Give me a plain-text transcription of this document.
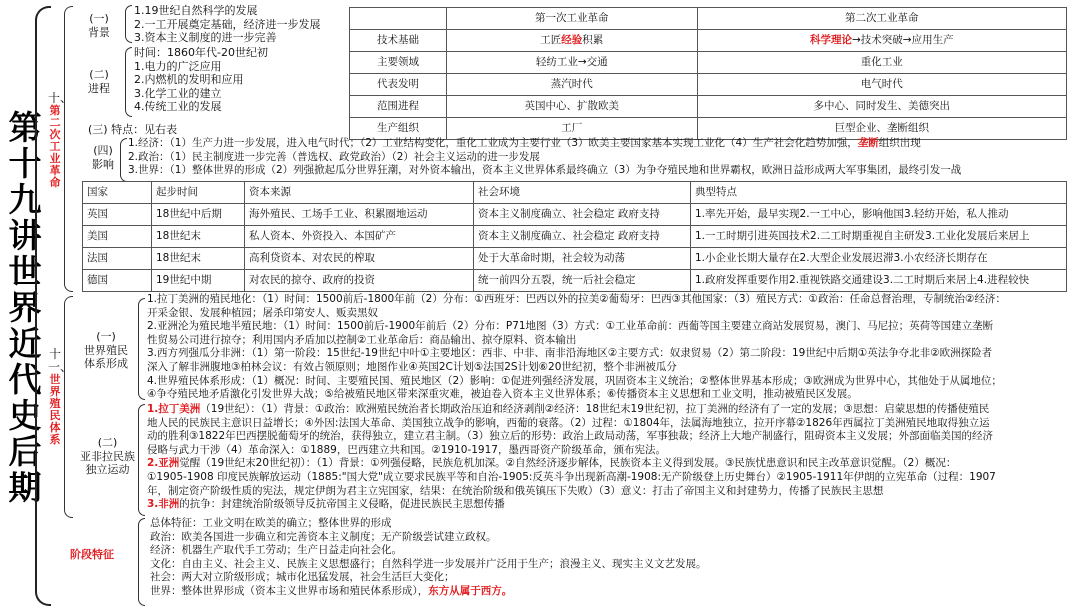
第十九讲 世界近代史后期
十、
第二次工业革命
十一、
世界殖民体系
(一)
背景
1.19世纪自然科学的发展
2.一工开展奠定基础，经济进一步发展
3.资本主义制度的进一步完善
(二)
进程
时间：1860年代-20世纪初
1.电力的广泛应用
2.内燃机的发明和应用
3.化学工业的建立
4.传统工业的发展
(三) 特点：见右表
	第一次工业革命	第二次工业革命
技术基础	工匠经验积累	科学理论→技术突破→应用生产
主要领域	轻纺工业→交通	重化工业
代表发明	蒸汽时代	电气时代
范围进程	英国中心、扩散欧美	多中心、同时发生、美德突出
生产组织	工厂	巨型企业、垄断组织
(四)
影响
1.经济：（1）生产力进一步发展，进入电气时代；（2）工业结构变化，重化工业成为主要行业（3）欧美主要国家基本实现工业化（4）生产社会化趋势加强，垄断组织出现
2.政治：（1）民主制度进一步完善（普选权、政党政治）（2）社会主义运动的进一步发展
3.世界：（1）整体世界的形成（2）列强掀起瓜分世界狂潮，对外资本输出，资本主义世界体系最终确立（3）为争夺殖民地和世界霸权，欧洲日益形成两大军事集团，最终引发一战
国家	起步时间	资本来源	社会环境	典型特点
英国	18世纪中后期	海外殖民、工场手工业、积累圈地运动	资本主义制度确立、社会稳定 政府支持	1.率先开始，最早实现2.一工中心，影响他国3.轻纺开始，私人推动
美国	18世纪末	私人资本、外资投入、本国矿产	资本主义制度确立、社会稳定 政府支持	1.一工时期引进英国技术2.二工时期重视自主研发3.工业化发展后来居上
法国	18世纪末	高利贷资本、对农民的榨取	处于大革命时期，社会较为动荡	1.小企业长期大量存在2.大型企业发展迟滞3.小农经济长期存在
德国	19世纪中期	对农民的掠夺、政府的投资	统一前四分五裂，统一后社会稳定	1.政府发挥重要作用2.重视铁路交通建设3.二工时期后来居上4.进程较快
(一)
世界殖民
体系形成
1.拉丁美洲的殖民地化：（1）时间：1500前后-1800年前（2）分布：①西班牙：巴西以外的拉美②葡萄牙：巴西③其他国家：（3）殖民方式：①政治：任命总督治理，专制统治②经济：
开采金银、发展种植园；屠杀印第安人、贩卖黑奴
2.亚洲沦为殖民地半殖民地：（1）时间：1500前后-1900年前后（2）分布：P71地图（3）方式：①工业革命前：西葡等国主要建立商站发展贸易，澳门、马尼拉；英荷等国建立垄断
性贸易公司进行掠夺；利用国内矛盾加以控制②工业革命后：商品输出、掠夺原料、资本输出
3.西方列强瓜分非洲：（1）第一阶段：15世纪-19世纪中叶①主要地区：西非、中非、南非沿海地区②主要方式：奴隶贸易（2）第二阶段：19世纪中后期①英法争夺北非②欧洲探险者
深入了解非洲腹地③柏林会议：有效占领原则；地图作业④英国2C计划⑤法国2S计划⑥20世纪初，整个非洲被瓜分
4.世界殖民体系形成：（1）概况：时间、主要殖民国、殖民地区（2）影响：①促进列强经济发展，巩固资本主义统治；②整体世界基本形成；③欧洲成为世界中心，其他处于从属地位；
④争夺殖民地矛盾激化引发世界大战；⑤给被殖民地区带来深重灾难，被迫卷入资本主义世界体系；⑥传播资本主义思想和工业文明，推动被殖民区发展。
(二)
亚非拉民族
独立运动
1.拉丁美洲（19世纪）：（1）背景：①政治：欧洲殖民统治者长期政治压迫和经济剥削②经济：18世纪末19世纪初，拉丁美洲的经济有了一定的发展；③思想：启蒙思想的传播使殖民
地人民的民族民主意识日益增长；④外因:法国大革命、美国独立战争的影响，西葡的衰落。（2）过程：①1804年，法属海地独立，拉开序幕②1826年西属拉丁美洲殖民地取得独立运
动的胜利③1822年巴西摆脱葡萄牙的统治，获得独立，建立君主制。（3）独立后的形势：政治上政局动荡，军事独裁；经济上大地产制盛行，阻碍资本主义发展；外部面临美国的经济
侵略与武力干涉（4）革命深入：①1889，巴西建立共和国。②1910-1917，墨西哥资产阶级革命，颁布宪法。
2.亚洲觉醒（19世纪末20世纪初）：（1）背景：①列强侵略，民族危机加深。②自然经济逐步解体，民族资本主义得到发展。③民族忧患意识和民主改革意识觉醒。（2）概况：
①1905-1908 印度民族解放运动（1885:"国大党"成立要求民族平等和自治-1905:反英斗争出现新高潮-1908:无产阶级登上历史舞台）②1905-1911年伊朗的立宪革命（过程：1907
年，制定资产阶级性质的宪法，规定伊朗为君主立宪国家，结果：在统治阶级和俄英镇压下失败）（3）意义：打击了帝国主义和封建势力，传播了民族民主思想
3.非洲的抗争：封建统治阶级领导反抗帝国主义侵略，促进民族民主思想传播
阶段特征
总体特征：工业文明在欧美的确立；整体世界的形成
政治：欧美各国进一步确立和完善资本主义制度；无产阶级尝试建立政权。
经济：机器生产取代手工劳动；生产日益走向社会化。
文化：自由主义、社会主义、民族主义思想盛行；自然科学进一步发展并广泛用于生产；浪漫主义、现实主义文艺发展。
社会：两大对立阶级形成；城市化迅猛发展，社会生活巨大变化；
世界：整体世界形成（资本主义世界市场和殖民体系形成），东方从属于西方。
